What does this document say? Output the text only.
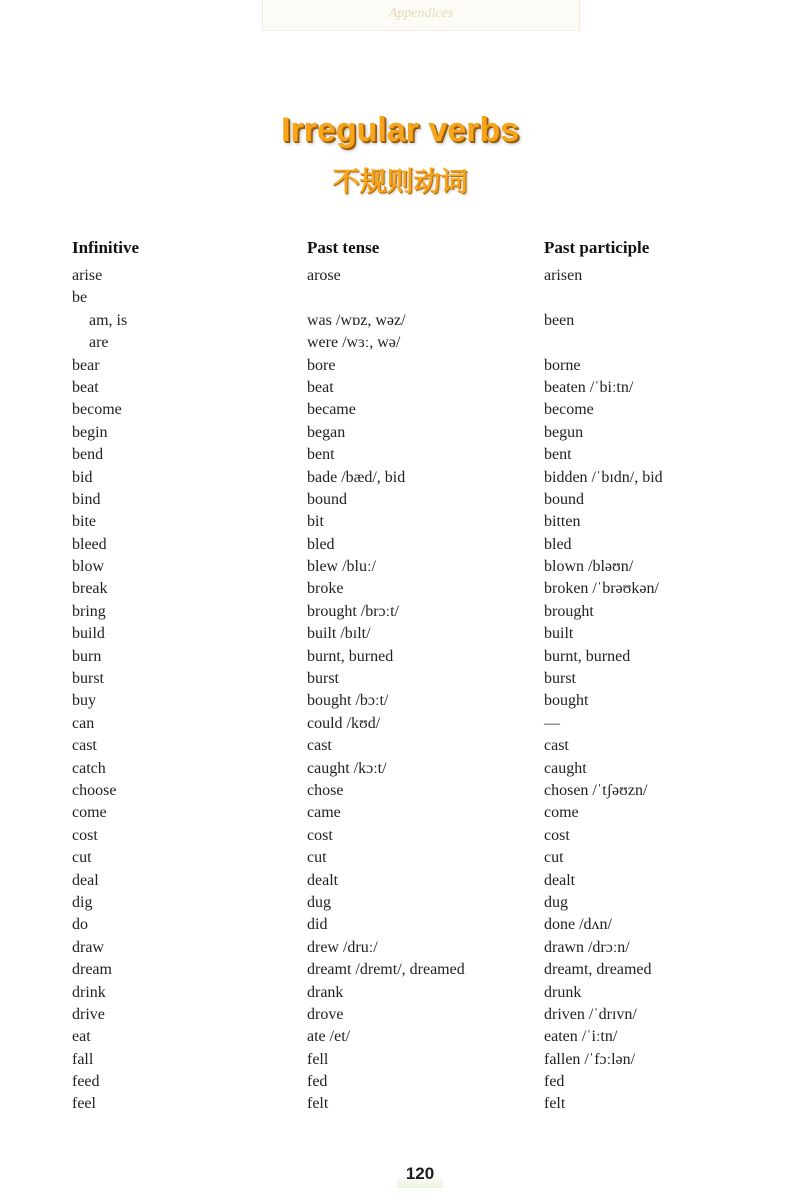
Appendices
Irregular verbs
不规则动词
Infinitive
arise
be
am, is
are
bear
beat
become
begin
bend
bid
bind
bite
bleed
blow
break
bring
build
burn
burst
buy
can
cast
catch
choose
come
cost
cut
deal
dig
do
draw
dream
drink
drive
eat
fall
feed
feel
Past tense
arose
was /wɒz, wəz/
were /wɜː, wə/
bore
beat
became
began
bent
bade /bæd/, bid
bound
bit
bled
blew /bluː/
broke
brought /brɔːt/
built /bɪlt/
burnt, burned
burst
bought /bɔːt/
could /kʊd/
cast
caught /kɔːt/
chose
came
cost
cut
dealt
dug
did
drew /druː/
dreamt /dremt/, dreamed
drank
drove
ate /et/
fell
fed
felt
Past participle
arisen
been
borne
beaten /ˈbiːtn/
become
begun
bent
bidden /ˈbɪdn/, bid
bound
bitten
bled
blown /bləʊn/
broken /ˈbrəʊkən/
brought
built
burnt, burned
burst
bought
—
cast
caught
chosen /ˈtʃəʊzn/
come
cost
cut
dealt
dug
done /dʌn/
drawn /drɔːn/
dreamt, dreamed
drunk
driven /ˈdrɪvn/
eaten /ˈiːtn/
fallen /ˈfɔːlən/
fed
felt
120
